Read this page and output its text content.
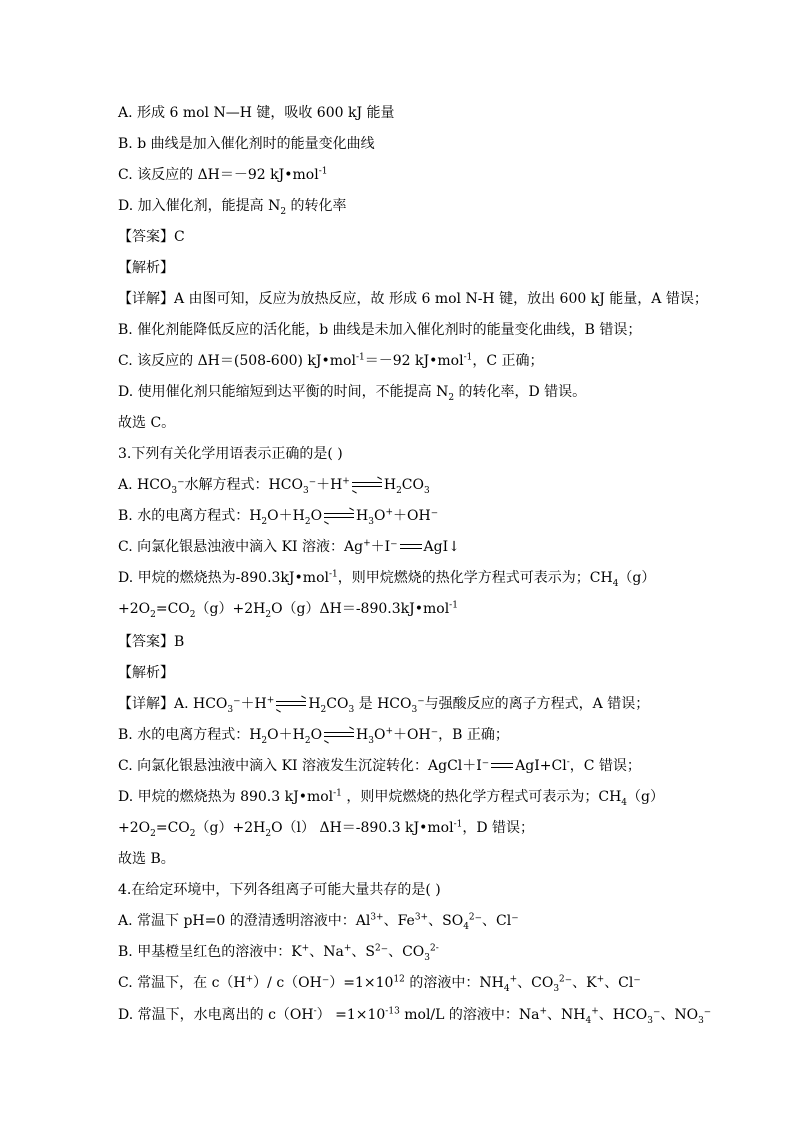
A. 形成 6 mol N—H 键，吸收 600 kJ 能量
B. b 曲线是加入催化剂时的能量变化曲线
C. 该反应的 ΔH＝－92 kJ•mol$^{-1}$
D. 加入催化剂，能提高 $N_2$ 的转化率
【答案】C
【解析】
【详解】A 由图可知，反应为放热反应，故 形成 6 mol N-H 键，放出 600 kJ 能量，A 错误；
B. 催化剂能降低反应的活化能，b 曲线是未加入催化剂时的能量变化曲线，B 错误；
C. 该反应的 ΔH＝(508-600) kJ•mol$^{-1}$＝－92 kJ•mol$^{-1}$，C 正确；
D. 使用催化剂只能缩短到达平衡的时间，不能提高 $N_2$ 的转化率，D 错误。
故选 C。
3.下列有关化学用语表示正确的是( )
A. $HCO_3^-$水解方程式：$HCO_3^-+H^+ \to H_2CO_3$
B. 水的电离方程式：$H_2O+H_2O \to H_3O^++OH^-$
C. 向氯化银悬浊液中滴入 KI 溶液：Ag+＋I⁻ AgI↓
D. 甲烷的燃烧热为-890.3kJ•mol$^{-1}$，则甲烷燃烧的热化学方程式可表示为；$CH_4(g)$
$+2O_2=CO_2(g)+2H_2O(g)\Delta H=-890.3kJ•mol^{-1}$
【答案】B
【解析】
【详解】A. $HCO_3^-+H^+ \to H_2CO_3$ 是 $HCO_3^-$与强酸反应的离子方程式，A 错误；
B. 水的电离方程式：$H_2O+H_2O \to H_3O^++OH^-$，B 正确；
C. 向氯化银悬浊液中滴入 KI 溶液发生沉淀转化：AgCl＋I⁻ AgI+Cl-，C 错误；
D. 甲烷的燃烧热为 890.3 kJ•mol$^{-1}$ ，则甲烷燃烧的热化学方程式可表示为；$CH_4(g)$
$+2O_2=CO_2(g)+2H_2O(l)$ ΔH＝-890.3 kJ•mol$^{-1}$，D 错误；
故选 B。
4.在给定环境中，下列各组离子可能大量共存的是( )
A. 常温下 pH=0 的澄清透明溶液中：$Al^{3+}$、$Fe^{3+}$、$SO_4^2^-$、Cl⁻
B. 甲基橙呈红色的溶液中：K+、Na+、$S^2^-$、$CO_3^{2-}$
C. 常温下，在 c（H+）/ $c(OH^-)=1\times 10^{12}$ 的溶液中：$NH_4^+$、$CO_3^2^-$、K+、Cl⁻
D. 常温下，水电离出的 $c(OH^-) =1\times 10^{-13}$ mol/L 的溶液中：Na+、$NH_4^+$、$HCO_3^-$、$NO_3^-$
